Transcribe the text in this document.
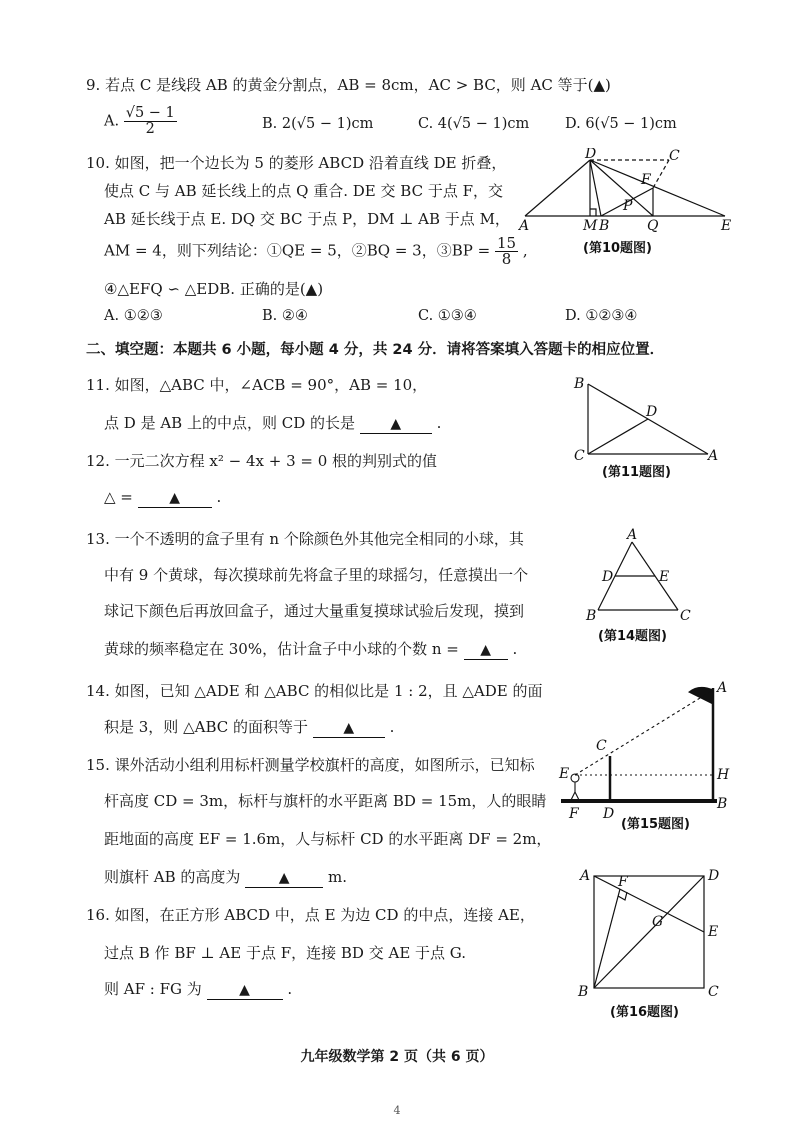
9. 若点 C 是线段 AB 的黄金分割点，AB = 8cm，AC > BC，则 AC 等于(▲)
A. $\frac{√5 - 1}{2}$	B. 2(√5 − 1)cm	C. 4(√5 − 1)cm D. 6(√5 − 1)cm
10. 如图，把一个边长为 5 的菱形 ABCD 沿着直线 DE 折叠，
使点 C 与 AB 延长线上的点 Q 重合. DE 交 BC 于点 F，交
AB 延长线于点 E. DQ 交 BC 于点 P，DM ⊥ AB 于点 M，
AM = 4，则下列结论：①QE = 5，②BQ = 3，③BP = $\frac{15}{8}$ ,
④△EFQ ∽ △EDB. 正确的是(▲)
A. ①②③	B. ②④	C. ①③④	D. ①②③④
D	C
F
P
A	M B	Q	E
(第10题图)
二、填空题：本题共 6 小题，每小题 4 分，共 24 分．请将答案填入答题卡的相应位置．
11. 如图，△ABC 中，∠ACB = 90°，AB = 10，
点 D 是 AB 上的中点，则 CD 的长是	▲ .
B
D
C	A
(第11题图)
12. 一元二次方程 x² − 4x + 3 = 0 根的判别式的值
△ =	▲ .
13. 一个不透明的盒子里有 n 个除颜色外其他完全相同的小球，其
中有 9 个黄球，每次摸球前先将盒子里的球摇匀，任意摸出一个
球记下颜色后再放回盒子，通过大量重复摸球试验后发现，摸到
黄球的频率稳定在 30%，估计盒子中小球的个数 n = ▲ .
A
D	E
B	C
(第14题图)
14. 如图，已知 △ADE 和 △ABC 的相似比是 1 : 2，且 △ADE 的面
积是 3，则 △ABC 的面积等于	▲ .
15. 课外活动小组利用标杆测量学校旗杆的高度，如图所示，已知标
杆高度 CD = 3m，标杆与旗杆的水平距离 BD = 15m，人的眼睛
距地面的高度 EF = 1.6m，人与标杆 CD 的水平距离 DF = 2m，
则旗杆 AB 的高度为	▲	m.
A
C
E	H
F D
B
(第15题图)
16. 如图，在正方形 ABCD 中，点 E 为边 CD 的中点，连接 AE，
过点 B 作 BF ⊥ AE 于点 F，连接 BD 交 AE 于点 G.
则 AF : FG 为	▲ .
A	D
F
G
E
B	C
(第16题图)
九年级数学第 2 页（共 6 页）
4
